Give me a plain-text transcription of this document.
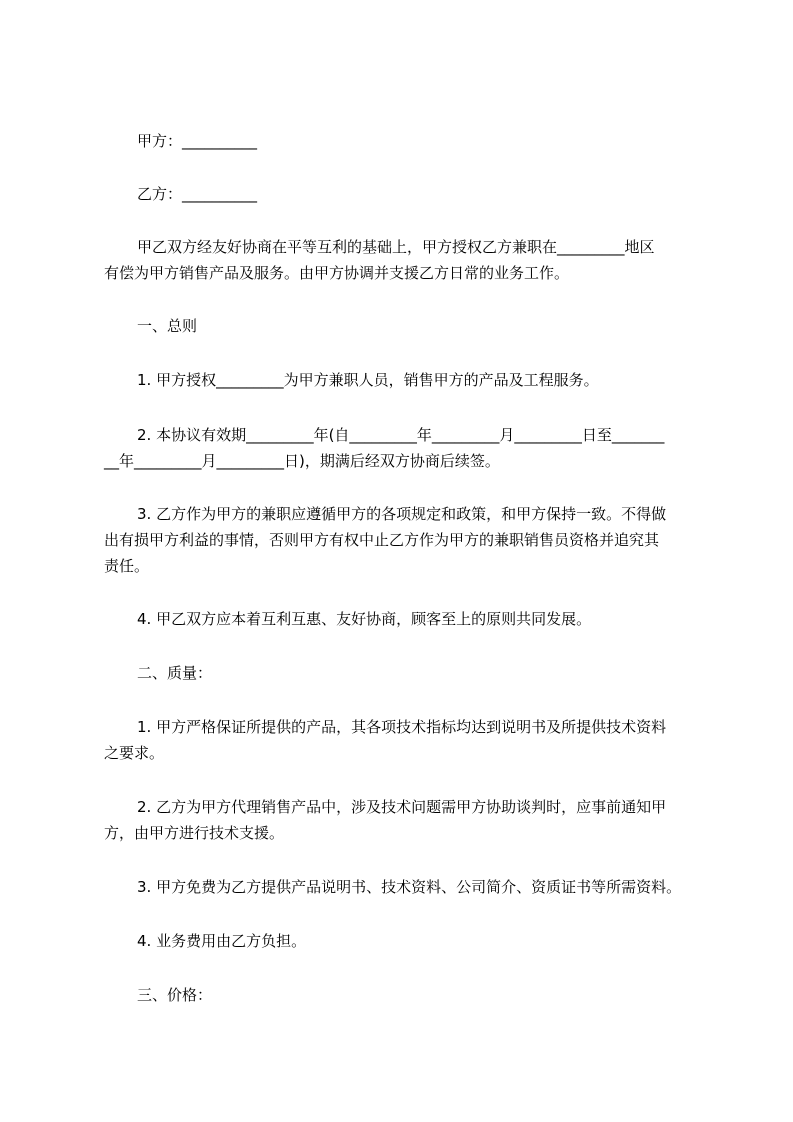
甲方：__________

乙方：__________

甲乙双方经友好协商在平等互利的基础上，甲方授权乙方兼职在_________地区

有偿为甲方销售产品及服务。由甲方协调并支援乙方日常的业务工作。

一、总则

1. 甲方授权_________为甲方兼职人员，销售甲方的产品及工程服务。

2. 本协议有效期_________年(自_________年_________月_________日至_______

__年_________月_________日)，期满后经双方协商后续签。

3. 乙方作为甲方的兼职应遵循甲方的各项规定和政策，和甲方保持一致。不得做

出有损甲方利益的事情，否则甲方有权中止乙方作为甲方的兼职销售员资格并追究其

责任。

4. 甲乙双方应本着互利互惠、友好协商，顾客至上的原则共同发展。

二、质量：

1. 甲方严格保证所提供的产品，其各项技术指标均达到说明书及所提供技术资料

之要求。

2. 乙方为甲方代理销售产品中，涉及技术问题需甲方协助谈判时，应事前通知甲

方，由甲方进行技术支援。

3. 甲方免费为乙方提供产品说明书、技术资料、公司简介、资质证书等所需资料。

4. 业务费用由乙方负担。

三、价格：
